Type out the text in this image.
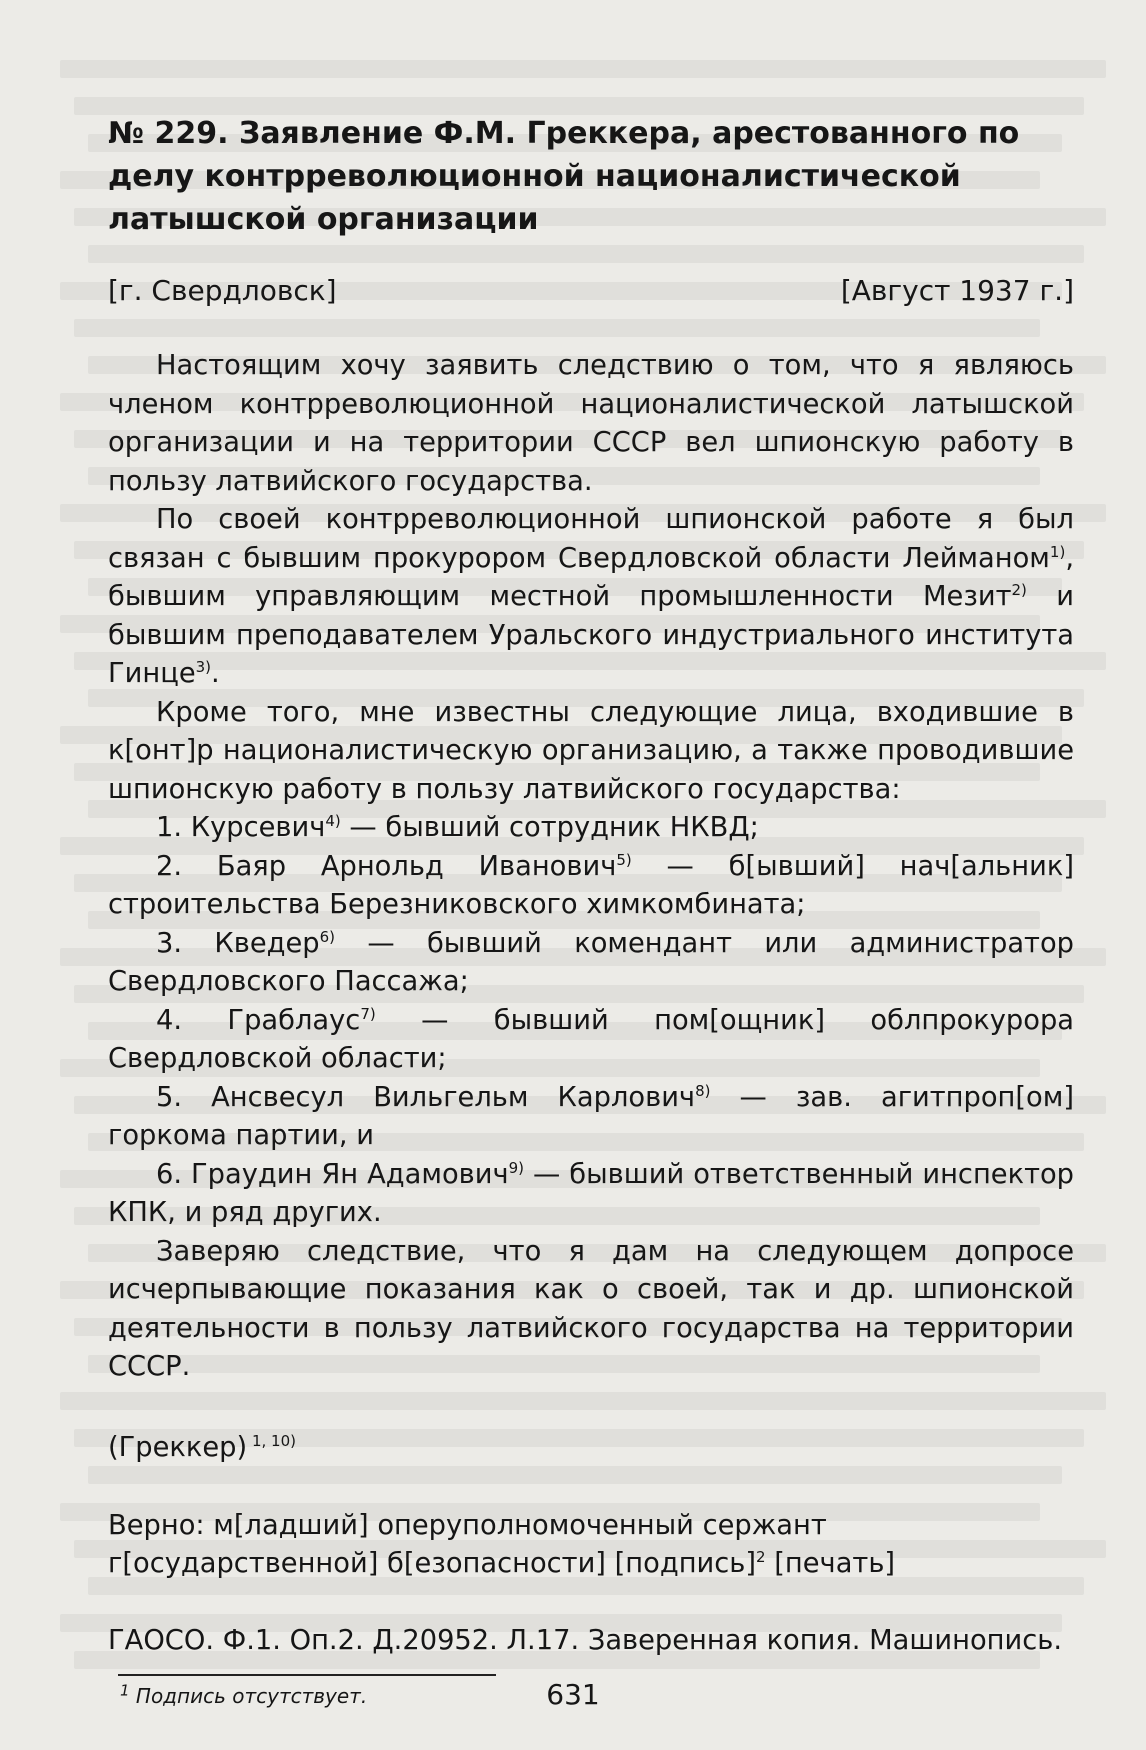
№ 229. Заявление Ф.М. Греккера, арестованного по делу контрреволюционной националистической латышской организации
[г. Свердловск]	[Август 1937 г.]

Настоящим хочу заявить следствию о том, что я являюсь членом контрреволюционной националистической латышской организации и на территории СССР вел шпионскую работу в пользу латвийского государства.

По своей контрреволюционной шпионской работе я был связан с бывшим прокурором Свердловской области Лейманом$^{1)}$, бывшим управляющим местной промышленности Мезит$^{2)}$ и бывшим преподавателем Уральского индустриального института Гинце$^{3)}$.

Кроме того, мне известны следующие лица, входившие в к[онт]р националистическую организацию, а также проводившие шпионскую работу в пользу латвийского государства:

1. Курсевич$^{4)}$ — бывший сотрудник НКВД;

2. Баяр Арнольд Иванович$^{5)}$ — б[ывший] нач[альник] строительства Березниковского химкомбината;

3. Кведер$^{6)}$ — бывший комендант или администратор Свердловского Пассажа;

4. Граблаус$^{7)}$ — бывший пом[ощник] облпрокурора Свердловской области;

5. Ансвесул Вильгельм Карлович$^{8)}$ — зав. агитпроп[ом] горкома партии, и

6. Граудин Ян Адамович$^{9)}$ — бывший ответственный инспектор КПК, и ряд других.

Заверяю следствие, что я дам на следующем допросе исчерпывающие показания как о своей, так и др. шпионской деятельности в пользу латвийского государства на территории СССР.

(Греккер) $^{1, 10)}$
Верно: м[ладший] оперуполномоченный сержант г[осударственной] б[езопасности] [подпись]$^2$ [печать]
ГАОСО. Ф.1. Оп.2. Д.20952. Л.17. Заверенная копия. Машинопись.
$^1$ Подпись отсутствует.	631
